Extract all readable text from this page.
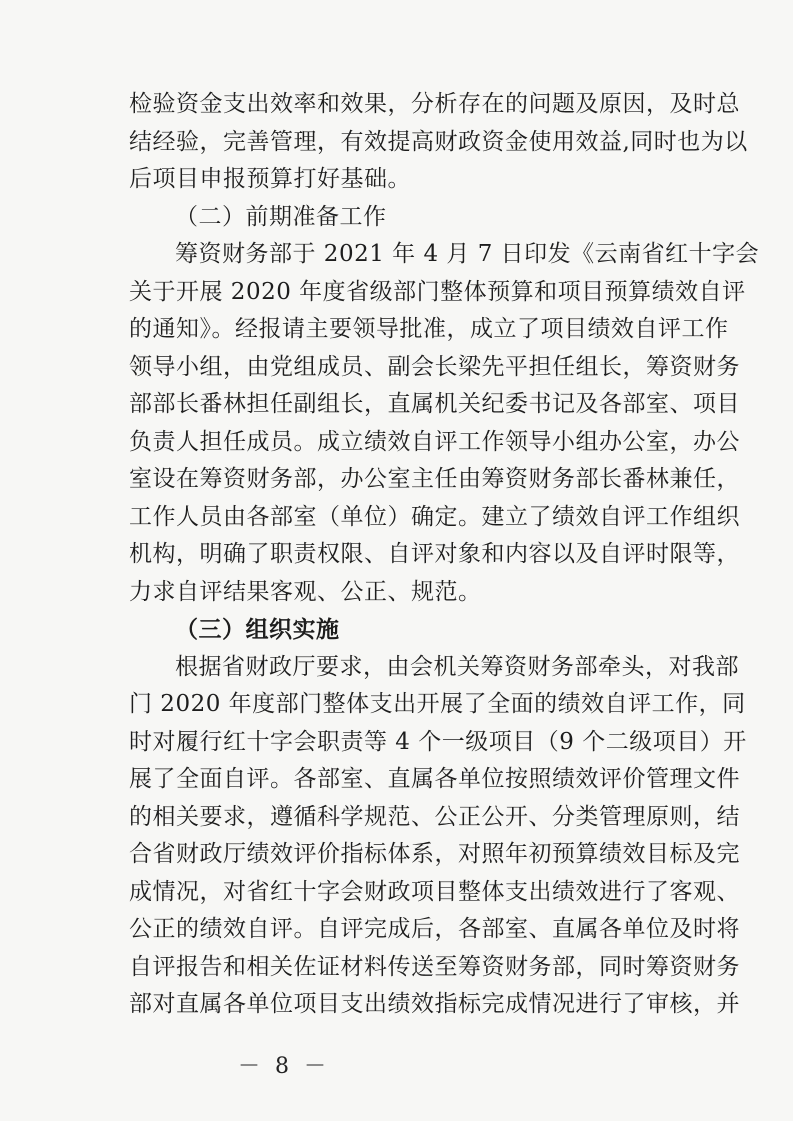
检验资金支出效率和效果，分析存在的问题及原因，及时总
结经验，完善管理，有效提高财政资金使用效益,同时也为以
后项目申报预算打好基础。
（二）前期准备工作
筹资财务部于 2021 年 4 月 7 日印发《云南省红十字会
关于开展 2020 年度省级部门整体预算和项目预算绩效自评
的通知》。经报请主要领导批准，成立了项目绩效自评工作
领导小组，由党组成员、副会长梁先平担任组长，筹资财务
部部长番林担任副组长，直属机关纪委书记及各部室、项目
负责人担任成员。成立绩效自评工作领导小组办公室，办公
室设在筹资财务部，办公室主任由筹资财务部长番林兼任，
工作人员由各部室（单位）确定。建立了绩效自评工作组织
机构，明确了职责权限、自评对象和内容以及自评时限等，
力求自评结果客观、公正、规范。
（三）组织实施
根据省财政厅要求，由会机关筹资财务部牵头，对我部
门 2020 年度部门整体支出开展了全面的绩效自评工作，同
时对履行红十字会职责等 4 个一级项目（9 个二级项目）开
展了全面自评。各部室、直属各单位按照绩效评价管理文件
的相关要求，遵循科学规范、公正公开、分类管理原则，结
合省财政厅绩效评价指标体系，对照年初预算绩效目标及完
成情况，对省红十字会财政项目整体支出绩效进行了客观、
公正的绩效自评。自评完成后，各部室、直属各单位及时将
自评报告和相关佐证材料传送至筹资财务部，同时筹资财务
部对直属各单位项目支出绩效指标完成情况进行了审核，并
－ 8 －
